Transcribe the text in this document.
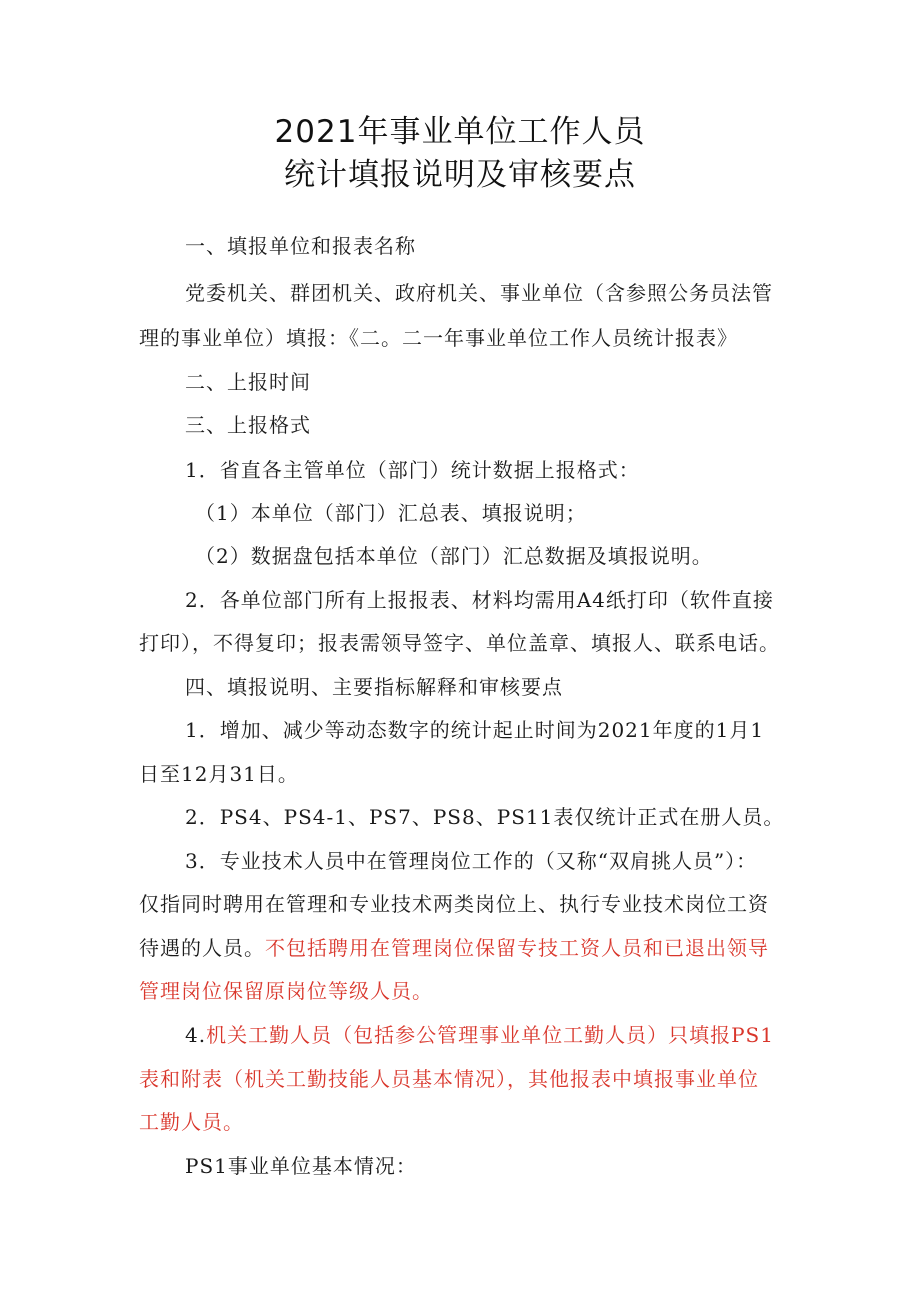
2021年事业单位工作人员
统计填报说明及审核要点
一、填报单位和报表名称
党委机关、群团机关、政府机关、事业单位（含参照公务员法管
理的事业单位）填报：《二。二一年事业单位工作人员统计报表》
二、上报时间
三、上报格式
1．省直各主管单位（部门）统计数据上报格式：
（1）本单位（部门）汇总表、填报说明；
（2）数据盘包括本单位（部门）汇总数据及填报说明。
2．各单位部门所有上报报表、材料均需用A4纸打印（软件直接
打印），不得复印；报表需领导签字、单位盖章、填报人、联系电话。
四、填报说明、主要指标解释和审核要点
1．增加、减少等动态数字的统计起止时间为2021年度的1月1
日至12月31日。
2．PS4、PS4-1、PS7、PS8、PS11表仅统计正式在册人员。
3．专业技术人员中在管理岗位工作的（又称“双肩挑人员”）：
仅指同时聘用在管理和专业技术两类岗位上、执行专业技术岗位工资
待遇的人员。不包括聘用在管理岗位保留专技工资人员和已退出领导
管理岗位保留原岗位等级人员。
4.机关工勤人员（包括参公管理事业单位工勤人员）只填报PS1
表和附表（机关工勤技能人员基本情况），其他报表中填报事业单位
工勤人员。
PS1事业单位基本情况：
